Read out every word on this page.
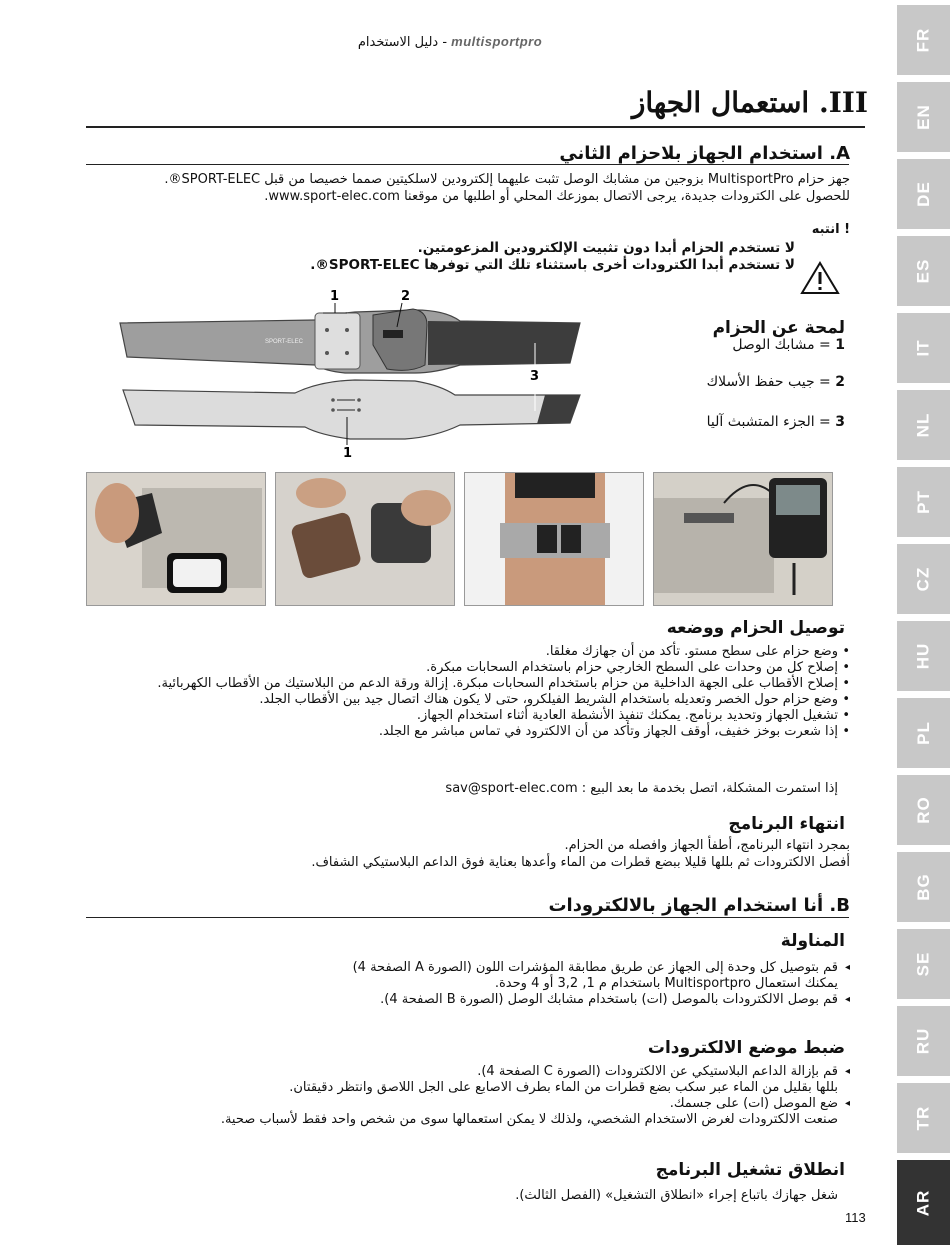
FR
EN
DE
ES
IT
NL
PT
CZ
HU
PL
RO
BG
SE
RU
TR
AR
multisportpro - دليل الاستخدام
III. استعمال الجهاز
A. استخدام الجهاز بلاحزام الثاني
جهز حزام MultisportPro بزوجين من مشابك الوصل تثبت عليهما إلكترودين لاسلكيتين صمما خصيصا من قبل SPORT-ELEC®.
للحصول على الكترودات جديدة، يرجى الاتصال بموزعك المحلي أو اطلبها من موقعنا www.sport-elec.com.
! انتبه
لا تستخدم الحزام أبدا دون تثبيت الإلكترودين المزعومتين.
لا تستخدم أبدا الكترودات أخرى باستثناء تلك التي توفرها SPORT-ELEC®.
لمحة عن الحزام
1 = مشابك الوصل
2 = جيب حفظ الأسلاك
3 = الجزء المتشبث آليا
SPORT-ELEC
1	2
3
1
توصيل الحزام ووضعه
• وضع حزام على سطح مستو. تأكد من أن جهازك مغلقا.
• إصلاح كل من وحدات على السطح الخارجي حزام باستخدام السحابات مبكرة.
• إصلاح الأقطاب على الجهة الداخلية من حزام باستخدام السحابات مبكرة. إزالة ورقة الدعم من البلاستيك من الأقطاب الكهربائية.
• وضع حزام حول الخصر وتعديله باستخدام الشريط الفيلكرو، حتى لا يكون هناك اتصال جيد بين الأقطاب الجلد.
• تشغيل الجهاز وتحديد برنامج. يمكنك تنفيذ الأنشطة العادية أثناء استخدام الجهاز.
• إذا شعرت بوخز خفيف، أوقف الجهاز وتأكد من أن الالكترود في تماس مباشر مع الجلد.
إذا استمرت المشكلة، اتصل بخدمة ما بعد البيع : sav@sport-elec.com
انتهاء البرنامج
بمجرد انتهاء البرنامج، أطفأ الجهاز وافصله من الحزام.
أفصل الالكترودات ثم بللها قليلا ببضع قطرات من الماء وأعدها بعناية فوق الداعم البلاستيكي الشفاف.
B. أنا استخدام الجهاز بالالكترودات
المناولة
◂ قم بتوصيل كل وحدة إلى الجهاز عن طريق مطابقة المؤشرات اللون (الصورة A الصفحة 4)
يمكنك استعمال Multisportpro باستخدام م 1, 3,2 أو 4 وحدة.
◂ قم بوصل الالكترودات بالموصل (ات) باستخدام مشابك الوصل (الصورة B الصفحة 4).
ضبط موضع الالكترودات
◂ قم بإزالة الداعم البلاستيكي عن الالكترودات (الصورة C الصفحة 4).
بللها بقليل من الماء عبر سكب بضع قطرات من الماء بطرف الاصابع على الجل اللاصق وانتظر دقيقتان.
◂ ضع الموصل (ات) على جسمك.
صنعت الالكترودات لغرض الاستخدام الشخصي، ولذلك لا يمكن استعمالها سوى من شخص واحد فقط لأسباب صحية.
انطلاق تشغيل البرنامج
شغل جهازك باتباع إجراء «انطلاق التشغيل» (الفصل الثالث).
113
